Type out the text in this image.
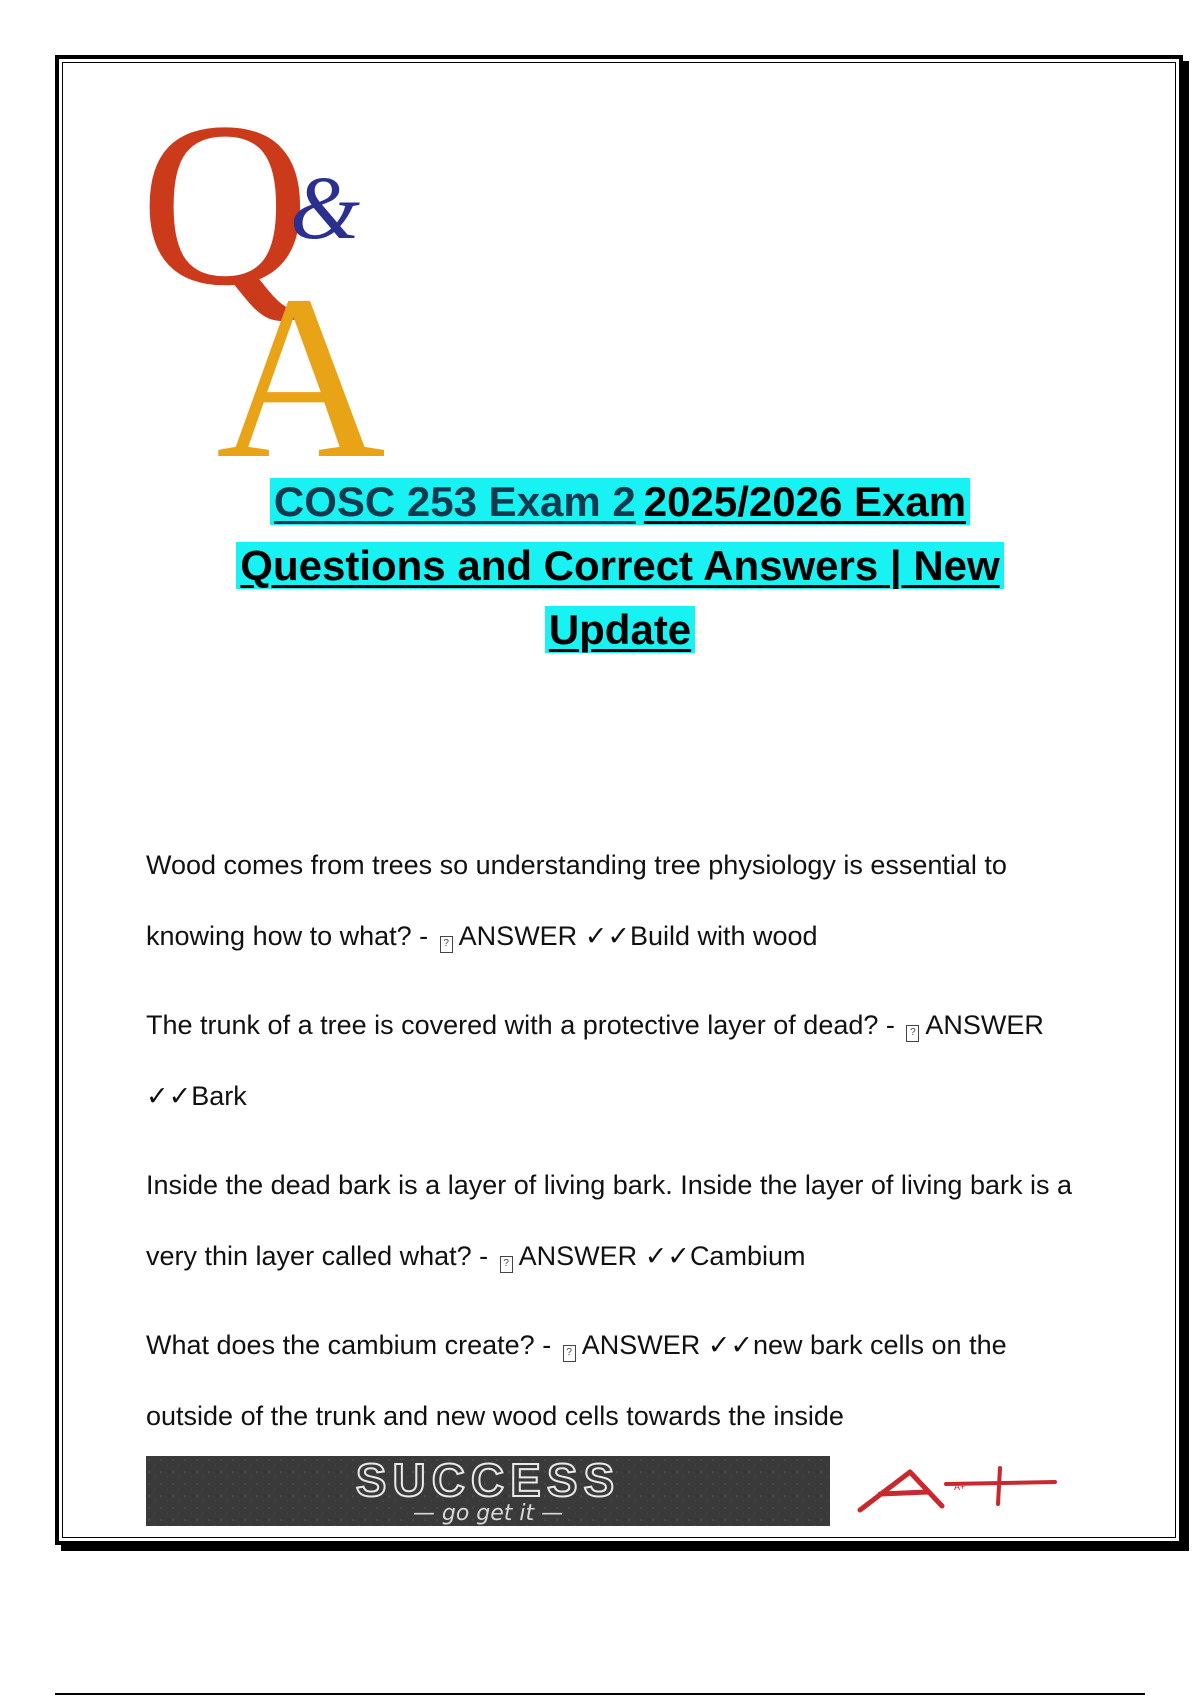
Q
&
A
COSC 253 Exam 2 2025/2026 Exam
Questions and Correct Answers | New
Update

Wood comes from trees so understanding tree physiology is essential to knowing how to what? - ? ANSWER ✓✓Build with wood

The trunk of a tree is covered with a protective layer of dead? - ? ANSWER ✓✓Bark

Inside the dead bark is a layer of living bark. Inside the layer of living bark is a very thin layer called what? - ? ANSWER ✓✓Cambium

What does the cambium create? - ? ANSWER ✓✓new bark cells on the outside of the trunk and new wood cells towards the inside

SUCCESS
— go get it —
A+
